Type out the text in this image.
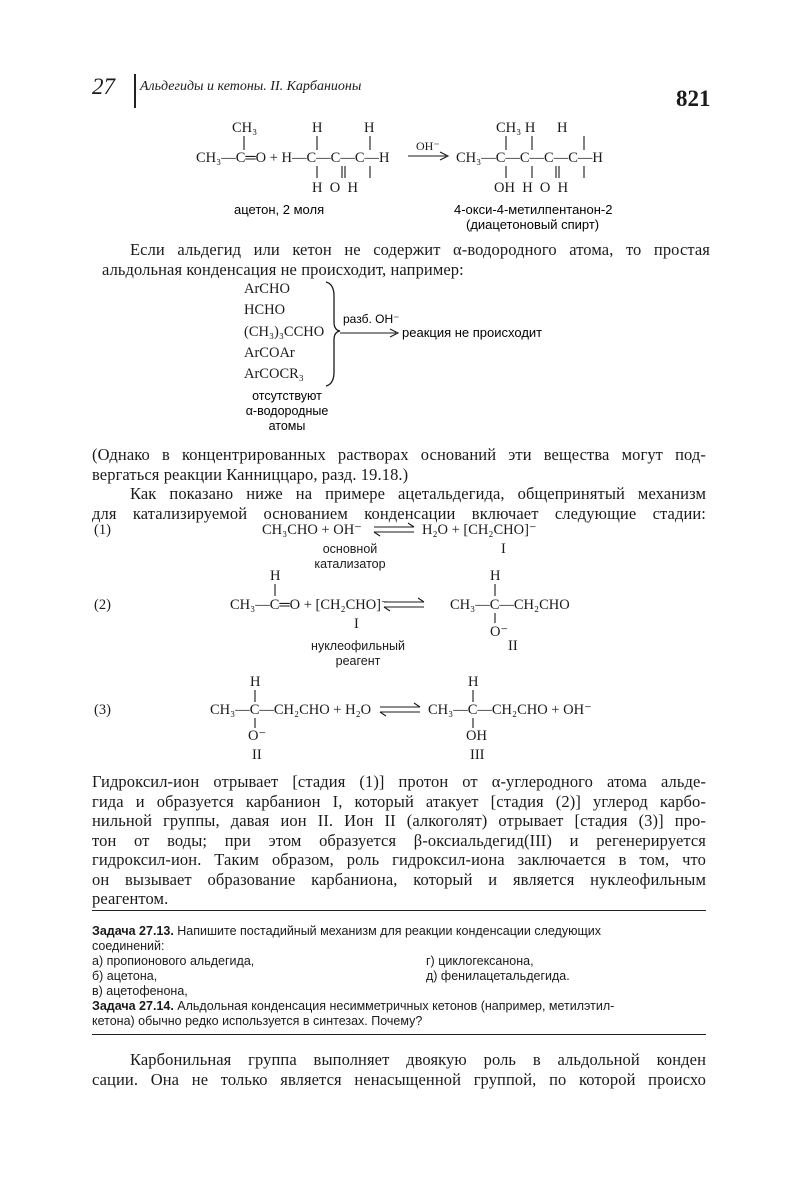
27 Альдегиды и кетоны. II. Карбанионы	821
CH₃	H	H
CH₃—C═O + H—C—C—C—H
H  O  H
OH⁻
CH₃ H      H
CH₃—C—C—C—C—H
OH  H  O  H
ацетон, 2 моля	4-окси-4-метилпентанон-2
(диацетоновый спирт)
Если альдегид или кетон не содержит α-водородного атома, то простая
альдольная конденсация не происходит, например:
ArCHO
HCHO
(CH₃)₃CCHO
ArCOAr
ArCOCR₃
разб. OH⁻
реакция не происходит
отсутствуют
α-водородные
атомы
(Однако в концентрированных растворах оснований эти вещества могут под-
вергаться реакции Канниццаро, разд. 19.18.)
Как показано ниже на примере ацетальдегида, общепринятый механизм
для катализируемой основанием конденсации включает следующие стадии:
(1)	CH₃CHO + OH⁻	H₂O + [CH₂CHO]⁻
основной
катализатор
I
(2)
H
CH₃—C═O + [CH₂CHO]⁻
H
CH₃—C—CH₂CHO
O⁻
I
нуклеофильный
реагент
II
(3)
H
CH₃—C—CH₂CHO + H₂O
O⁻
H
CH₃—C—CH₂CHO + OH⁻
OH
II	III
Гидроксил-ион отрывает [стадия (1)] протон от α-углеродного атома альде-
гида и образуется карбанион I, который атакует [стадия (2)] углерод карбо-
нильной группы, давая ион II. Ион II (алкоголят) отрывает [стадия (3)] про-
тон от воды; при этом образуется β-оксиальдегид(III) и регенерируется
гидроксил-ион. Таким образом, роль гидроксил-иона заключается в том, что
он вызывает образование карбаниона, который и является нуклеофильным
реагентом.
Задача 27.13. Напишите постадийный механизм для реакции конденсации следующих
соединений:
а) пропионового альдегида,
б) ацетона,
в) ацетофенона,
г) циклогексанона,
д) фенилацетальдегида.
Задача 27.14. Альдольная конденсация несимметричных кетонов (например, метилэтил-
кетона) обычно редко используется в синтезах. Почему?
Карбонильная группа выполняет двоякую роль в альдольной конден
сации. Она не только является ненасыщенной группой, по которой происхо
